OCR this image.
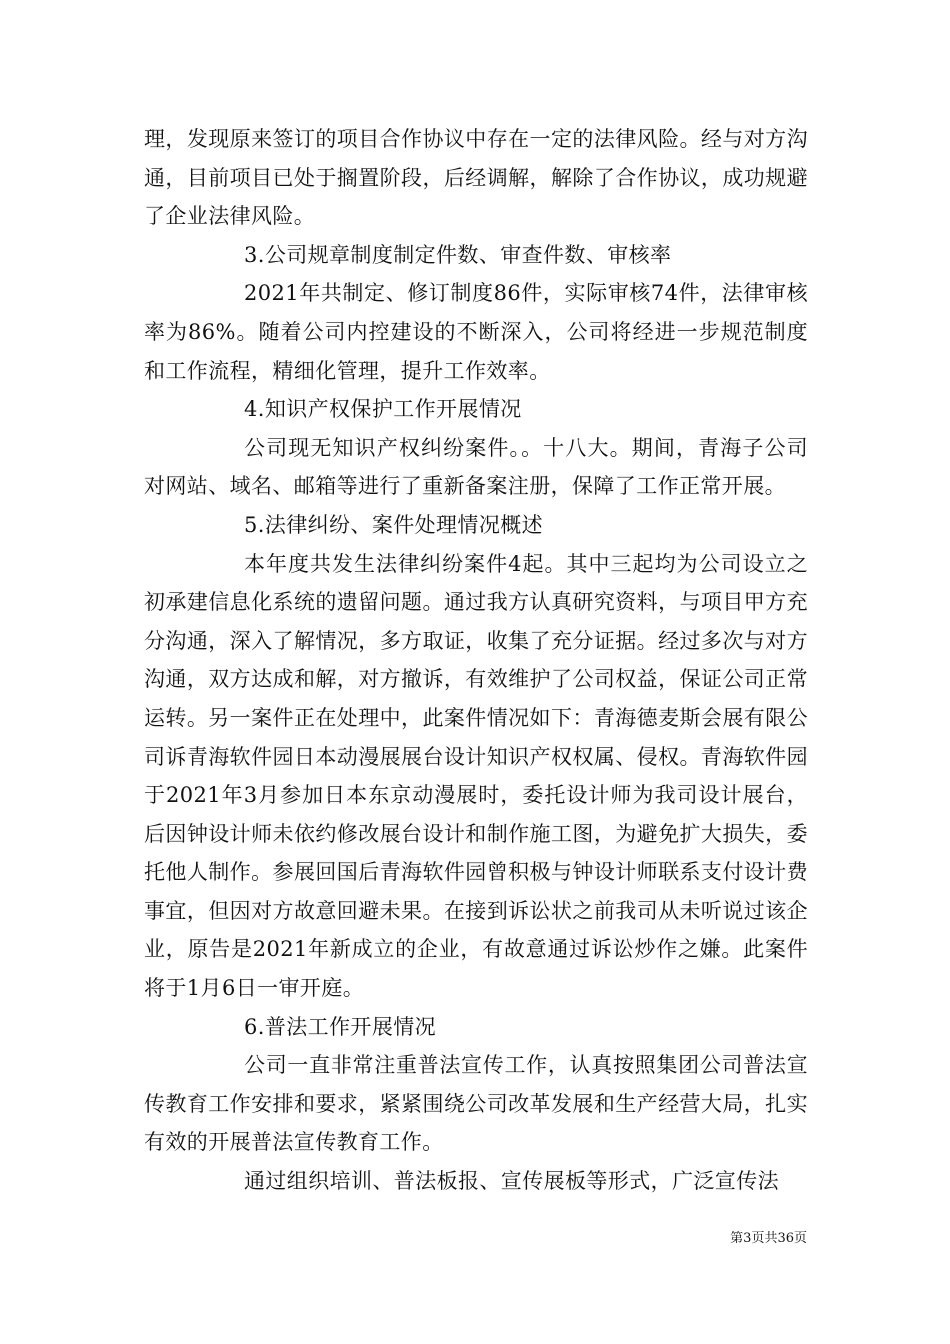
理，发现原来签订的项目合作协议中存在一定的法律风险。经与对方沟通，目前项目已处于搁置阶段，后经调解，解除了合作协议，成功规避了企业法律风险。

3.公司规章制度制定件数、审查件数、审核率

2021年共制定、修订制度86件，实际审核74件，法律审核率为86%。随着公司内控建设的不断深入，公司将经进一步规范制度和工作流程，精细化管理，提升工作效率。

4.知识产权保护工作开展情况

公司现无知识产权纠纷案件。。十八大。期间，青海子公司对网站、域名、邮箱等进行了重新备案注册，保障了工作正常开展。

5.法律纠纷、案件处理情况概述

本年度共发生法律纠纷案件4起。其中三起均为公司设立之初承建信息化系统的遗留问题。通过我方认真研究资料，与项目甲方充分沟通，深入了解情况，多方取证，收集了充分证据。经过多次与对方沟通，双方达成和解，对方撤诉，有效维护了公司权益，保证公司正常运转。另一案件正在处理中，此案件情况如下：青海德麦斯会展有限公司诉青海软件园日本动漫展展台设计知识产权权属、侵权。青海软件园于2021年3月参加日本东京动漫展时，委托设计师为我司设计展台，后因钟设计师未依约修改展台设计和制作施工图，为避免扩大损失，委托他人制作。参展回国后青海软件园曾积极与钟设计师联系支付设计费事宜，但因对方故意回避未果。在接到诉讼状之前我司从未听说过该企业，原告是2021年新成立的企业，有故意通过诉讼炒作之嫌。此案件将于1月6日一审开庭。

6.普法工作开展情况

公司一直非常注重普法宣传工作，认真按照集团公司普法宣传教育工作安排和要求，紧紧围绕公司改革发展和生产经营大局，扎实有效的开展普法宣传教育工作。

通过组织培训、普法板报、宣传展板等形式，广泛宣传法

第3页共36页
